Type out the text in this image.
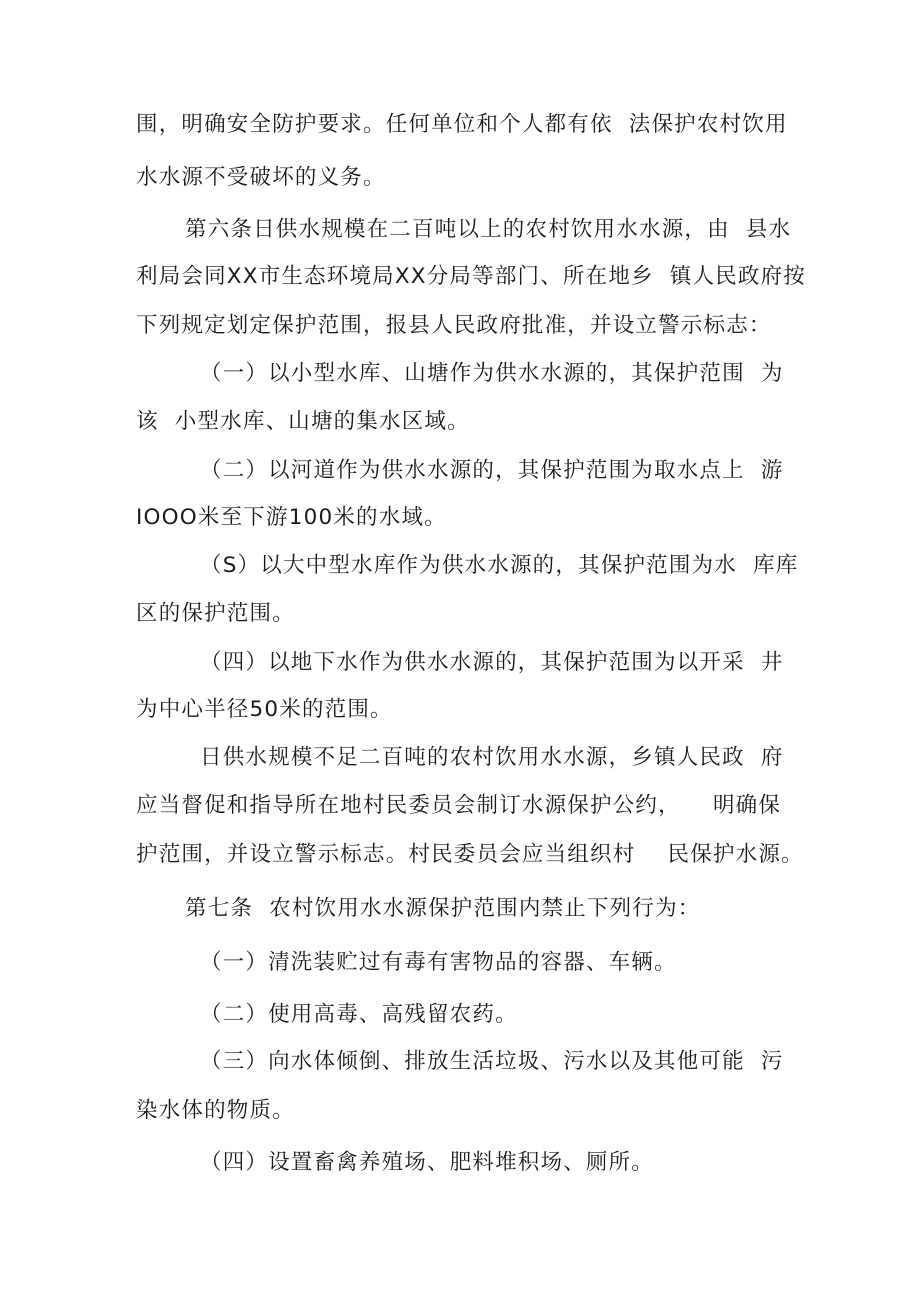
围，明确安全防护要求。任何单位和个人都有依  法保护农村饮用
水水源不受破坏的义务。
第六条日供水规模在二百吨以上的农村饮用水水源，由  县水
利局会同XX市生态环境局XX分局等部门、所在地乡  镇人民政府按
下列规定划定保护范围，报县人民政府批准，并设立警示标志：
（一）以小型水库、山塘作为供水水源的，其保护范围  为
该  小型水库、山塘的集水区域。
（二）以河道作为供水水源的，其保护范围为取水点上  游
IOOO米至下游100米的水域。
（S）以大中型水库作为供水水源的，其保护范围为水  库库
区的保护范围。
（四）以地下水作为供水水源的，其保护范围为以开采  井
为中心半径50米的范围。
日供水规模不足二百吨的农村饮用水水源，乡镇人民政  府
应当督促和指导所在地村民委员会制订水源保护公约，    明确保
护范围，并设立警示标志。村民委员会应当组织村    民保护水源。
第七条  农村饮用水水源保护范围内禁止下列行为：
（一）清洗装贮过有毒有害物品的容器、车辆。
（二）使用高毒、高残留农药。
（三）向水体倾倒、排放生活垃圾、污水以及其他可能  污
染水体的物质。
（四）设置畜禽养殖场、肥料堆积场、厕所。
